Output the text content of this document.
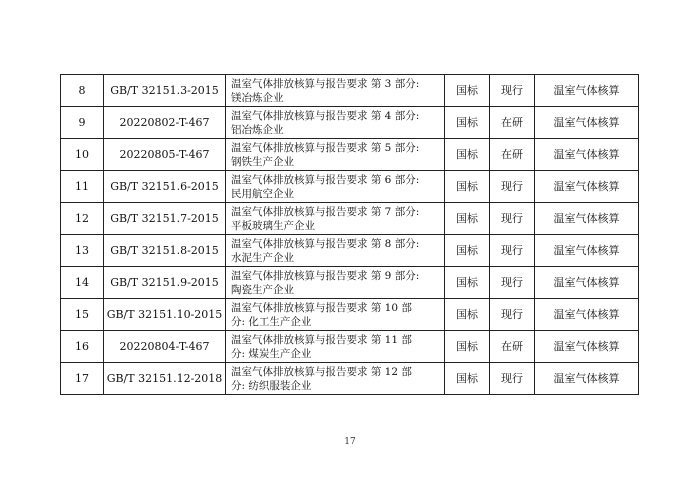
8	GB/T 32151.3-2015	温室气体排放核算与报告要求 第 3 部分:
镁冶炼企业	国标	现行	温室气体核算
9	20220802-T-467	温室气体排放核算与报告要求 第 4 部分:
铝冶炼企业	国标	在研	温室气体核算
10	20220805-T-467	温室气体排放核算与报告要求 第 5 部分:
钢铁生产企业	国标	在研	温室气体核算
11	GB/T 32151.6-2015	温室气体排放核算与报告要求 第 6 部分:
民用航空企业	国标	现行	温室气体核算
12	GB/T 32151.7-2015	温室气体排放核算与报告要求 第 7 部分:
平板玻璃生产企业	国标	现行	温室气体核算
13	GB/T 32151.8-2015	温室气体排放核算与报告要求 第 8 部分:
水泥生产企业	国标	现行	温室气体核算
14	GB/T 32151.9-2015	温室气体排放核算与报告要求 第 9 部分:
陶瓷生产企业	国标	现行	温室气体核算
15	GB/T 32151.10-2015	温室气体排放核算与报告要求 第 10 部
分: 化工生产企业	国标	现行	温室气体核算
16	20220804-T-467	温室气体排放核算与报告要求 第 11 部
分: 煤炭生产企业	国标	在研	温室气体核算
17	GB/T 32151.12-2018	温室气体排放核算与报告要求 第 12 部
分: 纺织服装企业	国标	现行	温室气体核算
17
